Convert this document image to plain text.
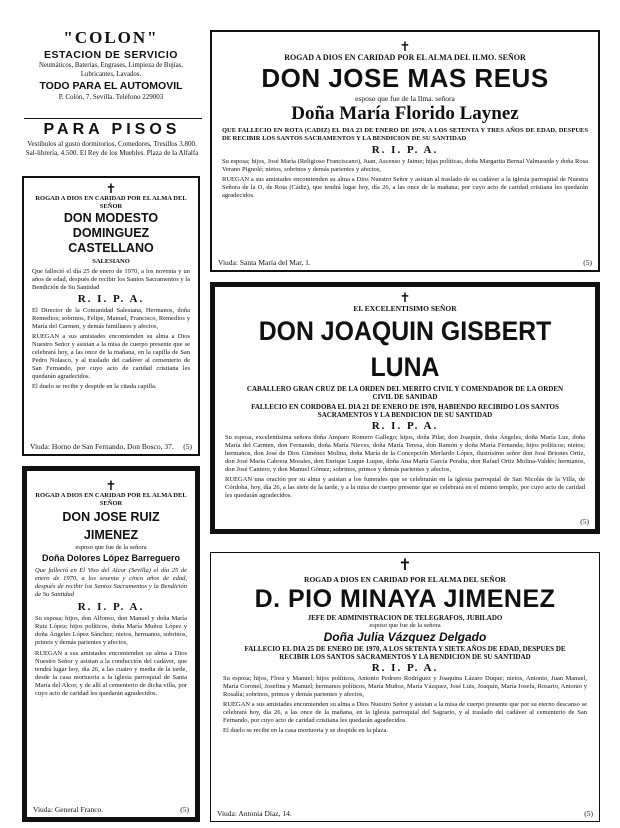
"COLON"
ESTACION DE SERVICIO
Neumáticos, Baterías, Engrases, Limpieza de Bujías, Lubricantes, Lavados.
TODO PARA EL AUTOMOVIL
P. Colón, 7. Sevilla. Teléfono 229003
PARA PISOS
Vestíbulos al gusto dormitorios, Comedores, Tresillos 3.800. Sal-librería, 4.500. El Rey de los Muebles. Plaza de la Alfalfa
✝
ROGAD A DIOS EN CARIDAD POR EL ALMA DEL ILMO. SEÑOR
DON JOSE MAS REUS
esposo que fue de la Ilma. señora
Doña María Florido Laynez
QUE FALLECIO EN ROTA (CADIZ) EL DIA 23 DE ENERO DE 1970, A LOS SETENTA Y TRES AÑOS DE EDAD, DESPUES DE RECIBIR LOS SANTOS SACRAMENTOS Y LA BENDICION DE SU SANTIDAD
R. I. P. A.
Su esposa; hijos, José María (Religioso Franciscano), Juan, Ascenso y Jaime; hijas políticas, doña Margarita Bernal Valmaseda y doña Rosa Verano Pignolé; nietos, sobrinos y demás parientes y afectos,
RUEGAN a sus amistades encomienden su alma a Dios Nuestro Señor y asistan al traslado de su cadáver a la iglesia parroquial de Nuestra Señora de la O, de Rota (Cádiz), que tendrá lugar hoy, día 26, a las once de la mañana; por cuyo acto de caridad cristiana les quedarán agradecidos.
Viuda: Santa María del Mar, 1.	(5)
✝
ROGAD A DIOS EN CARIDAD POR EL ALMA DEL SEÑOR
DON MODESTO DOMINGUEZ
CASTELLANO
SALESIANO
Que falleció el día 25 de enero de 1970, a los noventa y un años de edad, después de recibir los Santos Sacramentos y la Bendición de Su Santidad
R. I. P. A.
El Director de la Comunidad Salesiana, Hermanos, doña Remedios; sobrinos, Felipe, Manuel, Francisco, Remedios y María del Carmen, y demás familiares y afectos,
RUEGAN a sus amistades encomienden su alma a Dios Nuestro Señor y asistan a la misa de cuerpo presente que se celebrará hoy, a las once de la mañana, en la capilla de San Pedro Nolasco, y al traslado del cadáver al cementerio de San Fernando, por cuyo acto de caridad cristiana les quedarán agradecidos.
El duelo se recibe y despide en la citada capilla.
Viuda: Horno de San Fernando, Don Bosco, 37. (5)
✝
EL EXCELENTISIMO SEÑOR
DON JOAQUIN GISBERT LUNA
CABALLERO GRAN CRUZ DE LA ORDEN DEL MERITO CIVIL Y COMENDADOR DE LA ORDEN CIVIL DE SANIDAD
FALLECIO EN CORDOBA EL DIA 21 DE ENERO DE 1970, HABIENDO RECIBIDO LOS SANTOS SACRAMENTOS Y LA BENDICION DE SU SANTIDAD
R. I. P. A.
Su esposa, excelentísima señora doña Amparo Romero Gallego; hijos, doña Pilar, don Joaquín, doña Ángeles, doña María Luz, doña María del Carmen, don Fernando, doña María Nieves, doña María Teresa, don Ramón y doña María Fernanda; hijos políticos; nietos; hermanos, don José de Dios Giménez Molina, doña María de la Concepción Merlardo López, ilustrísimo señor don José Briones Ortiz, don José María Cabrera Morales, don Enrique Luque Luque, doña Ana María García Peralta, don Rafael Ortiz Molina-Valdés; hermanos, don José Cantero, y don Manuel Gómez; sobrinos, primos y demás parientes y afectos,
RUEGAN una oración por su alma y asistan a los funerales que se celebrarán en la iglesia parroquial de San Nicolás de la Villa, de Córdoba, hoy, día 26, a las siete de la tarde, y a la misa de cuerpo presente que se celebrará en el mismo templo, por cuyo acto de caridad les quedarán agradecidos.
(5)
✝
ROGAD A DIOS EN CARIDAD POR EL ALMA DEL SEÑOR
DON JOSE RUIZ JIMENEZ
esposo que fue de la señora
Doña Dolores López Barreguero
Que falleció en El Viso del Alcor (Sevilla) el día 25 de enero de 1970, a los sesenta y cinco años de edad, después de recibir los Santos Sacramentos y la Bendición de Su Santidad
R. I. P. A.
Su esposa; hijos, don Alfonso, don Manuel y doña María Ruiz López; hijos políticos, doña María Muñoz López y doña Ángeles López Sánchez; nietos, hermanos, sobrinos, primos y demás parientes y afectos,
RUEGAN a sus amistades encomienden su alma a Dios Nuestro Señor y asistan a la conducción del cadáver, que tendrá lugar hoy, día 26, a las cuatro y media de la tarde, desde la casa mortuoria a la iglesia parroquial de Santa María del Alcor, y de allí al cementerio de dicha villa, por cuyo acto de caridad les quedarán agradecidos.
Viuda: General Franco.	(5)
✝
ROGAD A DIOS EN CARIDAD POR EL ALMA DEL SEÑOR
D. PIO MINAYA JIMENEZ
JEFE DE ADMINISTRACION DE TELEGRAFOS, JUBILADO
esposo que fue de la señora
Doña Julia Vázquez Delgado
FALLECIO EL DIA 25 DE ENERO DE 1970, A LOS SETENTA Y SIETE AÑOS DE EDAD, DESPUES DE RECIBIR LOS SANTOS SACRAMENTOS Y LA BENDICION DE SU SANTIDAD
R. I. P. A.
Su esposa; hijos, Flora y Manuel; hijos políticos, Antonio Pedrero Rodríguez y Joaquina Lázaro Duque; nietos, Antonio, Juan Manuel, María Coronel, Josefina y Manuel; hermanos políticos, María Muñoz, María Vázquez, José Luis, Joaquín, María Josefa, Rosario, Antonio y Rosalía; sobrinos, primos y demás parientes y afectos,
RUEGAN a sus amistades encomienden su alma a Dios Nuestro Señor y asistan a la misa de cuerpo presente que por su eterno descanso se celebrará hoy, día 26, a las once de la mañana, en la iglesia parroquial del Sagrario, y al traslado del cadáver al cementerio de San Fernando, por cuyo acto de caridad cristiana les quedarán agradecidos.
El duelo se recibe en la casa mortuoria y se despide en la plaza.
Viuda: Antonia Díaz, 14.	(5)
